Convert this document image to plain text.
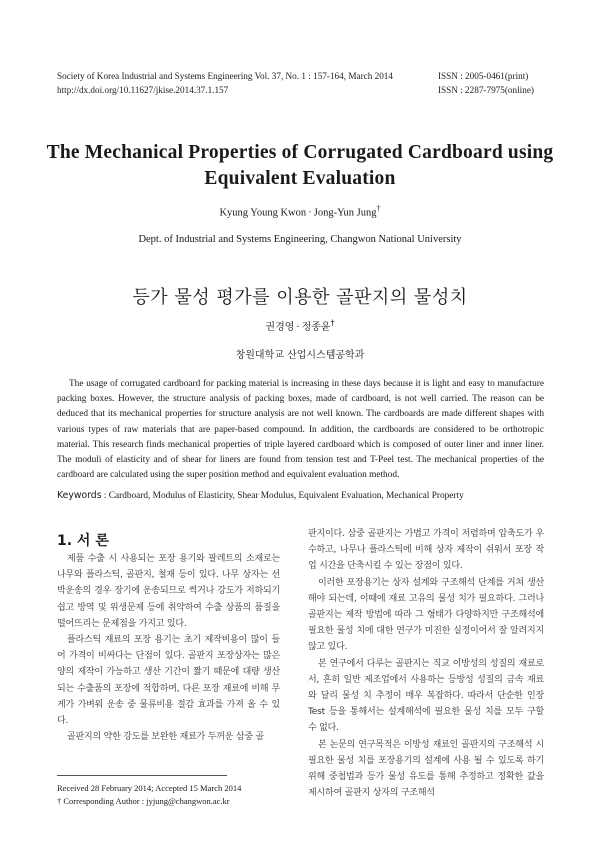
Society of Korea Industrial and Systems Engineering Vol. 37, No. 1 : 157-164, March 2014
http://dx.doi.org/10.11627/jkise.2014.37.1.157
ISSN : 2005-0461(print)
ISSN : 2287-7975(online)
The Mechanical Properties of Corrugated Cardboard using
Equivalent Evaluation
Kyung Young Kwon · Jong-Yun Jung†
Dept. of Industrial and Systems Engineering, Changwon National University
등가 물성 평가를 이용한 골판지의 물성치
권경영 · 정종윤†
창원대학교 산업시스템공학과
The usage of corrugated cardboard for packing material is increasing in these days because it is light and easy to manufacture packing boxes. However, the structure analysis of packing boxes, made of cardboard, is not well carried. The reason can be deduced that its mechanical properties for structure analysis are not well known. The cardboards are made different shapes with various types of raw materials that are paper-based compound. In addition, the cardboards are considered to be orthotropic material. This research finds mechanical properties of triple layered cardboard which is composed of outer liner and inner liner. The moduli of elasticity and of shear for liners are found from tension test and T-Peel test. The mechanical properties of the cardboard are calculated using the super position method and equivalent evaluation method.
Keywords : Cardboard, Modulus of Elasticity, Shear Modulus, Equivalent Evaluation, Mechanical Property
1. 서 론

제품 수출 시 사용되는 포장 용기와 팔레트의 소재로는 나무와 플라스틱, 골판지, 철재 등이 있다. 나무 상자는 선박운송의 경우 장기에 운송되므로 썩거나 강도가 저하되기 쉽고 방역 및 위생문제 등에 취약하여 수출 상품의 품질을 떨어뜨리는 문제점을 가지고 있다.

플라스틱 재료의 포장 용기는 초기 제작비용이 많이 들어 가격이 비싸다는 단점이 있다. 골판지 포장상자는 많은 양의 제작이 가능하고 생산 기간이 짧기 때문에 대량 생산되는 수출품의 포장에 적합하며, 다른 포장 재료에 비해 무게가 가벼워 운송 중 물류비용 절감 효과를 가져 올 수 있다.

골판지의 약한 강도를 보완한 재료가 두꺼운 삼중 골

판지이다. 삼중 골판지는 가볍고 가격이 저렴하며 압축도가 우수하고, 나무나 플라스틱에 비해 상자 제작이 쉬워서 포장 작업 시간을 단축시킬 수 있는 장점이 있다.

이러한 포장용기는 상자 설계와 구조해석 단계를 거쳐 생산해야 되는데, 이때에 재료 고유의 물성 치가 필요하다. 그러나 골판지는 제작 방법에 따라 그 형태가 다양하지만 구조해석에 필요한 물성 치에 대한 연구가 미진한 실정이어서 잘 알려지지 않고 있다.

본 연구에서 다루는 골판지는 직교 이방성의 성질의 재료로서, 흔히 일반 제조업에서 사용하는 등방성 성질의 금속 재료와 달리 물성 치 추정이 매우 복잡하다. 따라서 단순한 인장 Test 등을 통해서는 설계해석에 필요한 물성 치를 모두 구할 수 없다.

본 논문의 연구목적은 이방성 재료인 골판지의 구조해석 시 필요한 물성 치를 포장용기의 설계에 사용 될 수 있도록 하기 위해 중첩법과 등가 물성 유도를 통해 추정하고 정확한 값을 제시하여 골판지 상자의 구조해석

Received 28 February 2014; Accepted 15 March 2014
† Corresponding Author : jyjung@changwon.ac.kr
